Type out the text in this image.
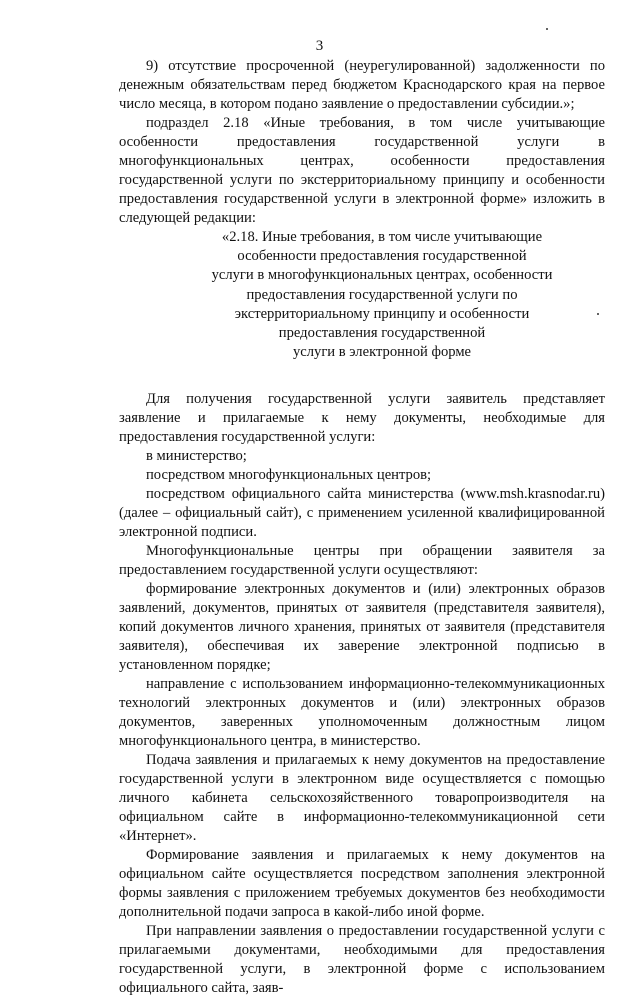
3

9) отсутствие просроченной (неурегулированной) задолженности по денежным обязательствам перед бюджетом Краснодарского края на первое число месяца, в котором подано заявление о предоставлении субсидии.»;

подраздел 2.18 «Иные требования, в том числе учитывающие особенности предоставления государственной услуги в многофункциональных центрах, особенности предоставления государственной услуги по экстерриториальному принципу и особенности предоставления государственной услуги в электронной форме» изложить в следующей редакции:

«2.18. Иные требования, в том числе учитывающие

особенности предоставления государственной

услуги в многофункциональных центрах, особенности

предоставления государственной услуги по

экстерриториальному принципу и особенности

предоставления государственной

услуги в электронной форме

Для получения государственной услуги заявитель представляет заявление и прилагаемые к нему документы, необходимые для предоставления государственной услуги:

в министерство;

посредством многофункциональных центров;

посредством официального сайта министерства (www.msh.krasnodar.ru) (далее – официальный сайт), с применением усиленной квалифицированной электронной подписи.

Многофункциональные центры при обращении заявителя за предоставлением государственной услуги осуществляют:

формирование электронных документов и (или) электронных образов заявлений, документов, принятых от заявителя (представителя заявителя), копий документов личного хранения, принятых от заявителя (представителя заявителя), обеспечивая их заверение электронной подписью в установленном порядке;

направление с использованием информационно-телекоммуникационных технологий электронных документов и (или) электронных образов документов, заверенных уполномоченным должностным лицом многофункционального центра, в министерство.

Подача заявления и прилагаемых к нему документов на предоставление государственной услуги в электронном виде осуществляется с помощью личного кабинета сельскохозяйственного товаропроизводителя на официальном сайте в информационно-телекоммуникационной сети «Интернет».

Формирование заявления и прилагаемых к нему документов на официальном сайте осуществляется посредством заполнения электронной формы заявления с приложением требуемых документов без необходимости дополнительной подачи запроса в какой-либо иной форме.

При направлении заявления о предоставлении государственной услуги с прилагаемыми документами, необходимыми для предоставления государственной услуги, в электронной форме с использованием официального сайта, заяв-
